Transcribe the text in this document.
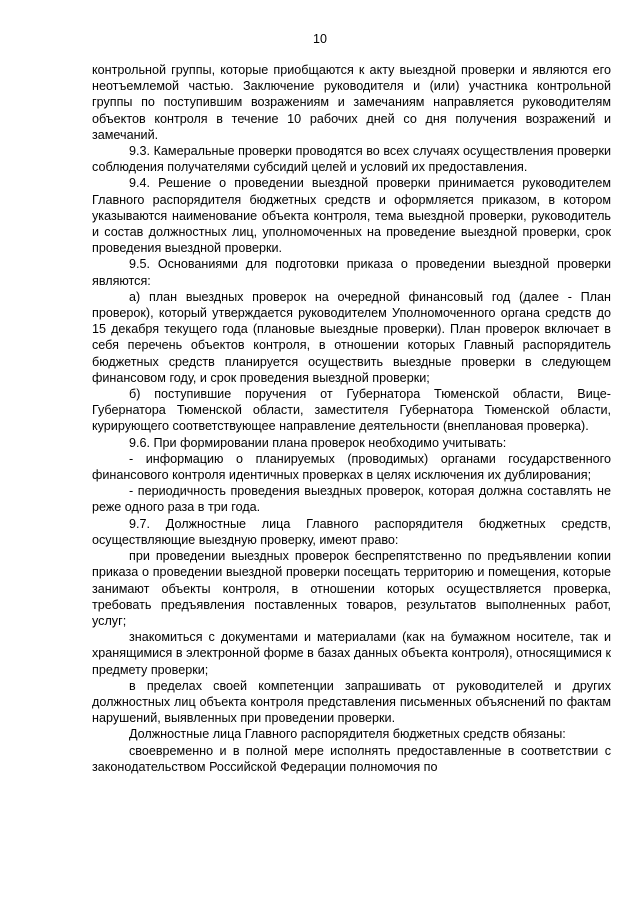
10

контрольной группы, которые приобщаются к акту выездной проверки и являются его неотъемлемой частью. Заключение руководителя и (или) участника контрольной группы по поступившим возражениям и замечаниям направляется руководителям объектов контроля в течение 10 рабочих дней со дня получения возражений и замечаний.

9.3. Камеральные проверки проводятся во всех случаях осуществления проверки соблюдения получателями субсидий целей и условий их предоставления.

9.4. Решение о проведении выездной проверки принимается руководителем Главного распорядителя бюджетных средств и оформляется приказом, в котором указываются наименование объекта контроля, тема выездной проверки, руководитель и состав должностных лиц, уполномоченных на проведение выездной проверки, срок проведения выездной проверки.

9.5. Основаниями для подготовки приказа о проведении выездной проверки являются:

а) план выездных проверок на очередной финансовый год (далее - План проверок), который утверждается руководителем Уполномоченного органа средств до 15 декабря текущего года (плановые выездные проверки). План проверок включает в себя перечень объектов контроля, в отношении которых Главный распорядитель бюджетных средств планируется осуществить выездные проверки в следующем финансовом году, и срок проведения выездной проверки;

б) поступившие поручения от Губернатора Тюменской области, Вице-Губернатора Тюменской области, заместителя Губернатора Тюменской области, курирующего соответствующее направление деятельности (внеплановая проверка).

9.6. При формировании плана проверок необходимо учитывать:

- информацию о планируемых (проводимых) органами государственного финансового контроля идентичных проверках в целях исключения их дублирования;

- периодичность проведения выездных проверок, которая должна составлять не реже одного раза в три года.

9.7. Должностные лица Главного распорядителя бюджетных средств, осуществляющие выездную проверку, имеют право:

при проведении выездных проверок беспрепятственно по предъявлении копии приказа о проведении выездной проверки посещать территорию и помещения, которые занимают объекты контроля, в отношении которых осуществляется проверка, требовать предъявления поставленных товаров, результатов выполненных работ, услуг;

знакомиться с документами и материалами (как на бумажном носителе, так и хранящимися в электронной форме в базах данных объекта контроля), относящимися к предмету проверки;

в пределах своей компетенции запрашивать от руководителей и других должностных лиц объекта контроля представления письменных объяснений по фактам нарушений, выявленных при проведении проверки.

Должностные лица Главного распорядителя бюджетных средств обязаны:

своевременно и в полной мере исполнять предоставленные в соответствии с законодательством Российской Федерации полномочия по
